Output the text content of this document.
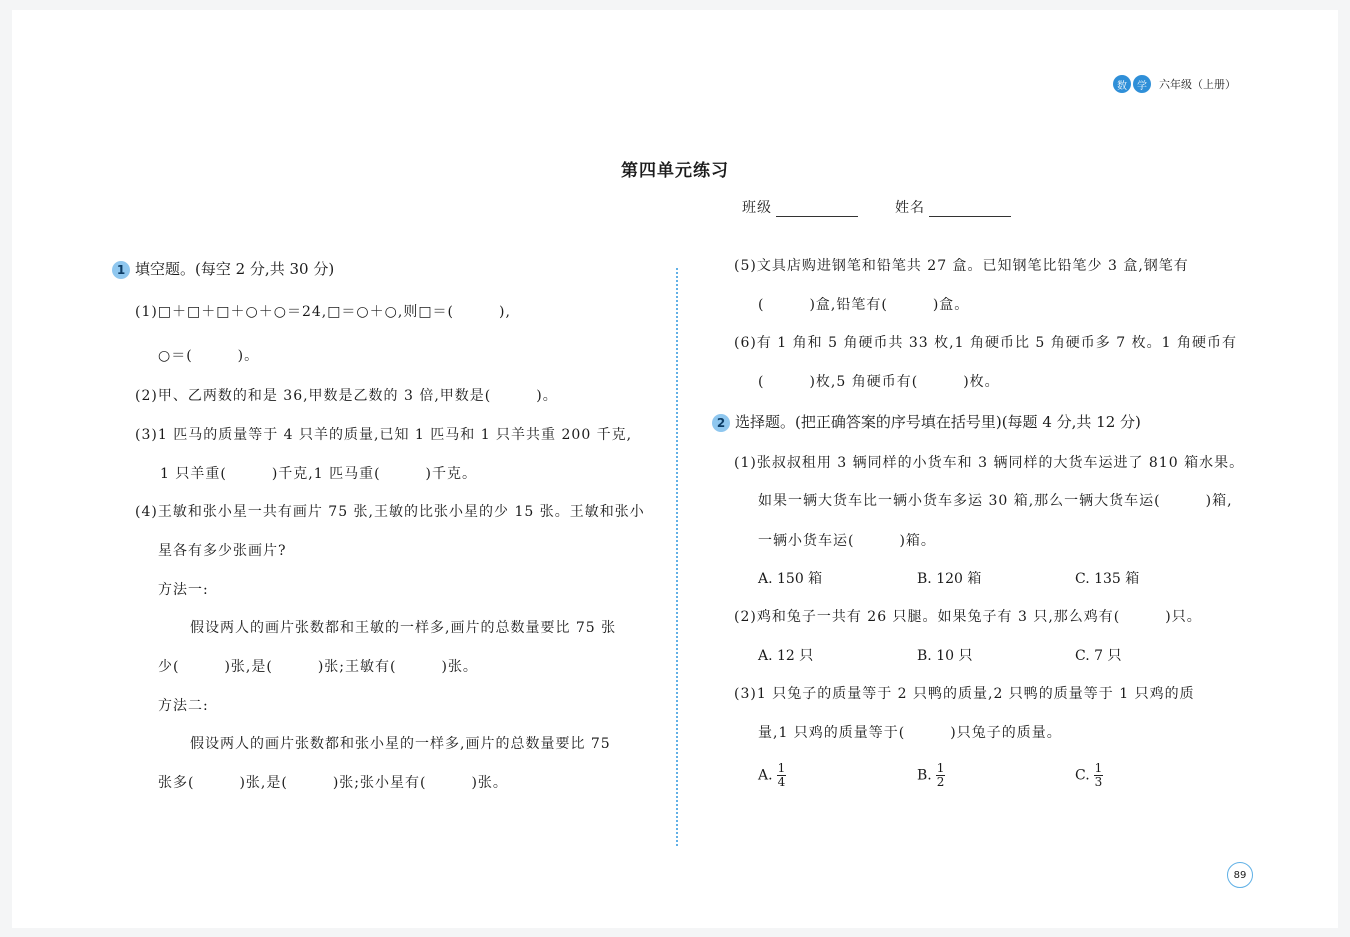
数	学	六年级（上册）
第四单元练习
班级	姓名
1 填空题。(每空 2 分,共 30 分)
(1)□＋□＋□＋○＋○＝24,□＝○＋○,则□＝(　　　),
○＝(　　　)。
(2)甲、乙两数的和是 36,甲数是乙数的 3 倍,甲数是(　　　)。
(3)1 匹马的质量等于 4 只羊的质量,已知 1 匹马和 1 只羊共重 200 千克,
1 只羊重(　　　)千克,1 匹马重(　　　)千克。
(4)王敏和张小星一共有画片 75 张,王敏的比张小星的少 15 张。王敏和张小
星各有多少张画片?
方法一:
假设两人的画片张数都和王敏的一样多,画片的总数量要比 75 张
少(　　　)张,是(　　　)张;王敏有(　　　)张。
方法二:
假设两人的画片张数都和张小星的一样多,画片的总数量要比 75
张多(　　　)张,是(　　　)张;张小星有(　　　)张。
(5)文具店购进钢笔和铅笔共 27 盒。已知钢笔比铅笔少 3 盒,钢笔有
(　　　)盒,铅笔有(　　　)盒。
(6)有 1 角和 5 角硬币共 33 枚,1 角硬币比 5 角硬币多 7 枚。1 角硬币有
(　　　)枚,5 角硬币有(　　　)枚。
2 选择题。(把正确答案的序号填在括号里)(每题 4 分,共 12 分)
(1)张叔叔租用 3 辆同样的小货车和 3 辆同样的大货车运进了 810 箱水果。
如果一辆大货车比一辆小货车多运 30 箱,那么一辆大货车运(　　　)箱,
一辆小货车运(　　　)箱。
A. 150 箱	B. 120 箱	C. 135 箱
(2)鸡和兔子一共有 26 只腿。如果兔子有 3 只,那么鸡有(　　　)只。
A. 12 只	B. 10 只	C. 7 只
(3)1 只兔子的质量等于 2 只鸭的质量,2 只鸭的质量等于 1 只鸡的质
量,1 只鸡的质量等于(　　　)只兔子的质量。
A. $\frac{1}{4}$	B. $\frac{1}{2}$	C. $\frac{1}{3}$
89
